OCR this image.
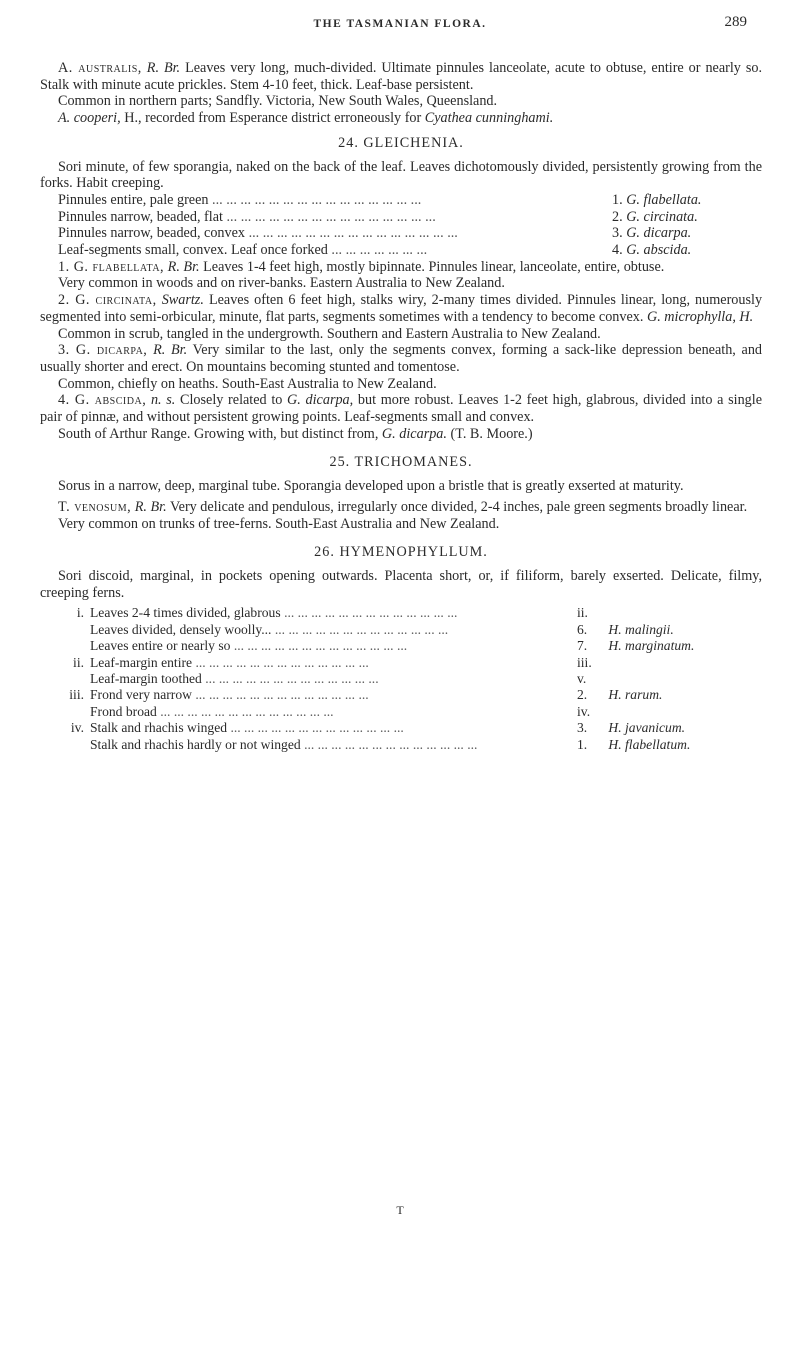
THE TASMANIAN FLORA.	289

A. australis, R. Br. Leaves very long, much-divided. Ultimate pinnules lanceolate, acute to obtuse, entire or nearly so. Stalk with minute acute prickles. Stem 4-10 feet, thick. Leaf-base persistent.

Common in northern parts; Sandfly. Victoria, New South Wales, Queensland.

A. cooperi, H., recorded from Esperance district erroneously for Cyathea cunninghami.

24. GLEICHENIA.

Sori minute, of few sporangia, naked on the back of the leaf. Leaves dichotomously divided, persistently growing from the forks. Habit creeping.

Pinnules entire, pale green ... ... ... ... ... ... ... ... ... ... ... ... ... ... ...	1. G. flabellata.
Pinnules narrow, beaded, flat ... ... ... ... ... ... ... ... ... ... ... ... ... ... ...	2. G. circinata.
Pinnules narrow, beaded, convex ... ... ... ... ... ... ... ... ... ... ... ... ... ... ...	3. G. dicarpa.
Leaf-segments small, convex. Leaf once forked ... ... ... ... ... ... ...	4. G. abscida.

1. G. flabellata, R. Br. Leaves 1-4 feet high, mostly bipinnate. Pinnules linear, lanceolate, entire, obtuse.

Very common in woods and on river-banks. Eastern Australia to New Zealand.

2. G. circinata, Swartz. Leaves often 6 feet high, stalks wiry, 2-many times divided. Pinnules linear, long, numerously segmented into semi-orbicular, minute, flat parts, segments sometimes with a tendency to become convex. G. microphylla, H.

Common in scrub, tangled in the undergrowth. Southern and Eastern Australia to New Zealand.

3. G. dicarpa, R. Br. Very similar to the last, only the segments convex, forming a sack-like depression beneath, and usually shorter and erect. On mountains becoming stunted and tomentose.

Common, chiefly on heaths. South-East Australia to New Zealand.

4. G. abscida, n. s. Closely related to G. dicarpa, but more robust. Leaves 1-2 feet high, glabrous, divided into a single pair of pinnæ, and without persistent growing points. Leaf-segments small and convex.

South of Arthur Range. Growing with, but distinct from, G. dicarpa. (T. B. Moore.)

25. TRICHOMANES.

Sorus in a narrow, deep, marginal tube. Sporangia developed upon a bristle that is greatly exserted at maturity.

T. venosum, R. Br. Very delicate and pendulous, irregularly once divided, 2-4 inches, pale green segments broadly linear.

Very common on trunks of tree-ferns. South-East Australia and New Zealand.

26. HYMENOPHYLLUM.

Sori discoid, marginal, in pockets opening outwards. Placenta short, or, if filiform, barely exserted. Delicate, filmy, creeping ferns.

i. Leaves 2-4 times divided, glabrous ... ... ... ... ... ... ... ... ... ... ... ... ...	ii.
Leaves divided, densely woolly... ... ... ... ... ... ... ... ... ... ... ... ... ...	6. H. malingii.
Leaves entire or nearly so ... ... ... ... ... ... ... ... ... ... ... ... ...	7. H. marginatum.
ii. Leaf-margin entire ... ... ... ... ... ... ... ... ... ... ... ... ...	iii.
Leaf-margin toothed ... ... ... ... ... ... ... ... ... ... ... ... ...	v.
iii. Frond very narrow ... ... ... ... ... ... ... ... ... ... ... ... ...	2. H. rarum.
Frond broad ... ... ... ... ... ... ... ... ... ... ... ... ...	iv.
iv. Stalk and rhachis winged ... ... ... ... ... ... ... ... ... ... ... ... ...	3. H. javanicum.
Stalk and rhachis hardly or not winged ... ... ... ... ... ... ... ... ... ... ... ... ...	1. H. flabellatum.
T
